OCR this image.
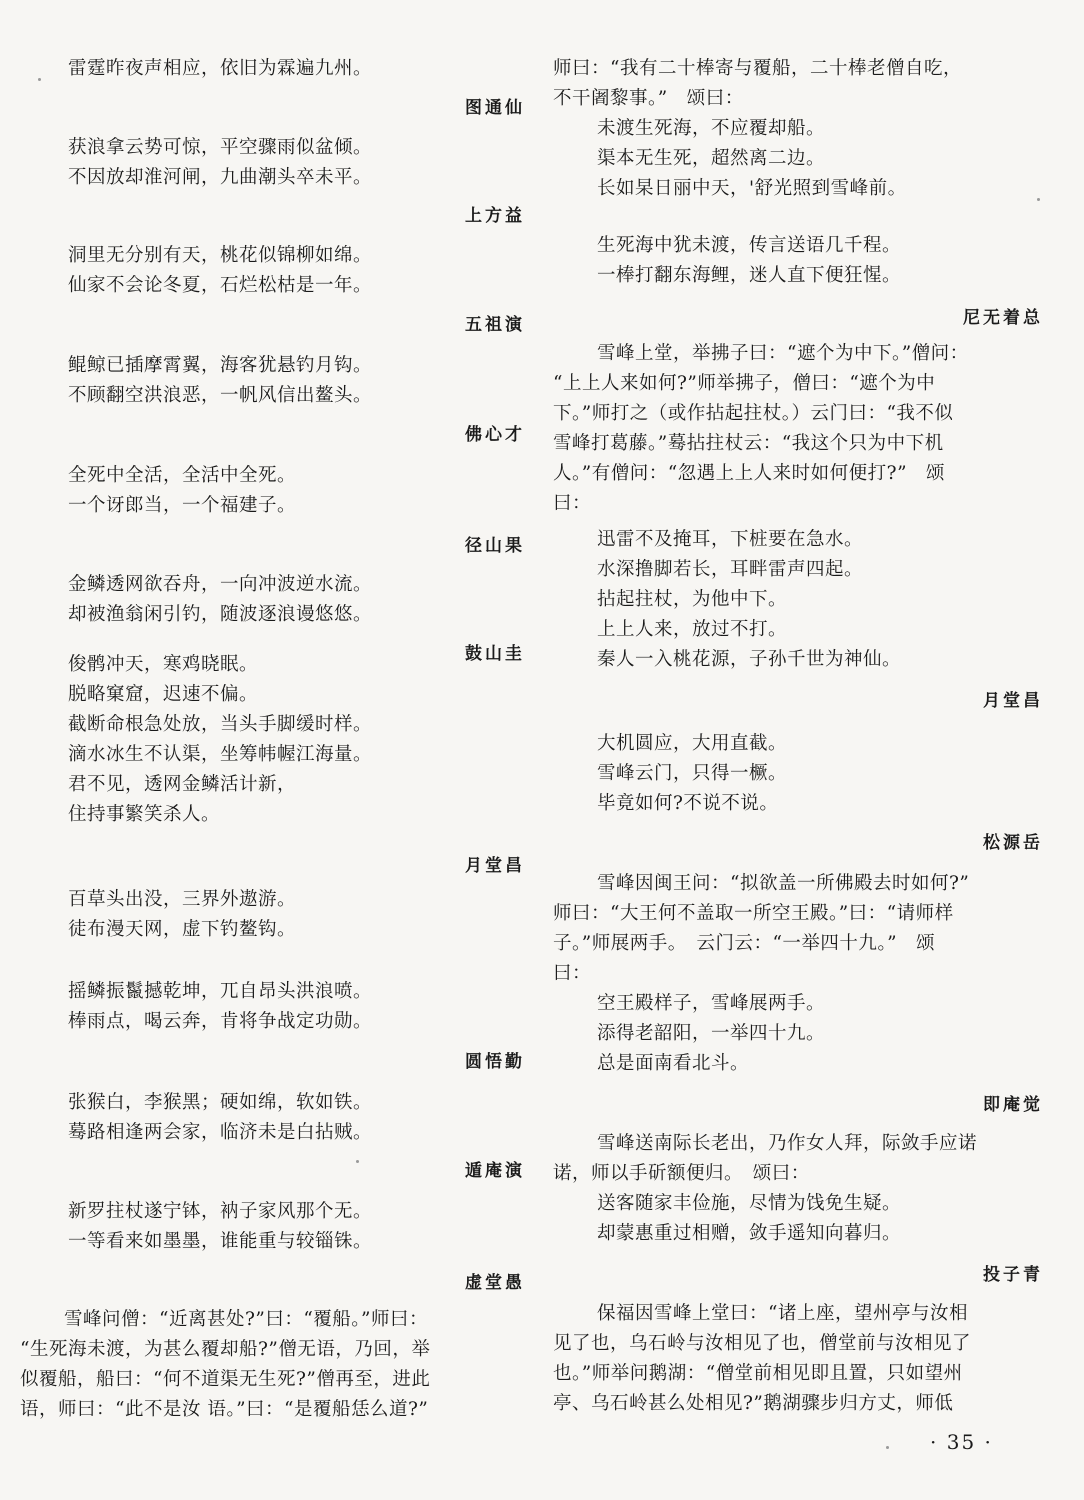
雷霆昨夜声相应，依旧为霖遍九州。
图通仙
获浪拿云势可惊，平空骤雨似盆倾。
不因放却淮河闸，九曲潮头卒未平。
上方益
洞里无分别有天，桃花似锦柳如绵。
仙家不会论冬夏，石烂松枯是一年。
五祖演
鲲鲸已插摩霄翼，海客犹悬钓月钩。
不顾翻空洪浪恶，一帆风信出鳌头。
佛心才
全死中全活，全活中全死。
一个讶郎当，一个福建子。
径山果
金鳞透网欲吞舟，一向冲波逆水流。
却被渔翁闲引钓，随波逐浪谩悠悠。
鼓山圭
俊鹘冲天，寒鸡晓眠。
脱略窠窟，迟速不偏。
截断命根急处放，当头手脚缓时样。
滴水冰生不认渠，坐筹帏幄江海量。
君不见，透网金鳞活计新，
住持事繁笑杀人。
月堂昌
百草头出没，三界外遨游。
徒布漫天网，虚下钓鳌钩。
摇鳞振鬣撼乾坤，兀自昂头洪浪喷。
棒雨点，喝云奔，肯将争战定功勋。
圆悟勤
张猴白，李猴黑；硬如绵，软如铁。
蓦路相逢两会家，临济未是白拈贼。
遁庵演
新罗拄杖遂宁钵，衲子家风那个无。
一等看来如墨墨，谁能重与较锱铢。
虚堂愚
雪峰问僧：“近离甚处?”曰：“覆船。”师曰：
“生死海未渡，为甚么覆却船?”僧无语，乃回，举
似覆船，船曰：“何不道渠无生死?”僧再至，进此
语，师曰：“此不是汝 语。”曰：“是覆船恁么道?”
师曰：“我有二十棒寄与覆船，二十棒老僧自吃，
不干阇黎事。”　颂曰：
未渡生死海，不应覆却船。
渠本无生死，超然离二边。
长如杲日丽中天，'舒光照到雪峰前。
生死海中犹未渡，传言送语几千程。
一棒打翻东海鲤，迷人直下便狂惺。
尼无着总
雪峰上堂，举拂子曰：“遮个为中下。”僧问：
“上上人来如何?”师举拂子，僧曰：“遮个为中
下。”师打之（或作拈起拄杖。）云门曰：“我不似
雪峰打葛藤。”蓦拈拄杖云：“我这个只为中下机
人。”有僧问：“忽遇上上人来时如何便打?”　颂
曰：
迅雷不及掩耳，下桩要在急水。
水深撸脚若长，耳畔雷声四起。
拈起拄杖，为他中下。
上上人来，放过不打。
秦人一入桃花源，子孙千世为神仙。
月堂昌
大机圆应，大用直截。
雪峰云门，只得一橛。
毕竟如何?不说不说。
松源岳
雪峰因闽王问：“拟欲盖一所佛殿去时如何?”
师曰：“大王何不盖取一所空王殿。”曰：“请师样
子。”师展两手。　云门云：“一举四十九。”　颂
曰：
空王殿样子，雪峰展两手。
添得老韶阳，一举四十九。
总是面南看北斗。
即庵觉
雪峰送南际长老出，乃作女人拜，际敛手应诺
诺，师以手斫额便归。　颂曰：
送客随家丰俭施，尽情为饯免生疑。
却蒙惠重过相赠，敛手遥知向暮归。
投子青
保福因雪峰上堂曰：“诸上座，望州亭与汝相
见了也，乌石岭与汝相见了也，僧堂前与汝相见了
也。”师举问鹅湖：“僧堂前相见即且置，只如望州
亭、乌石岭甚么处相见?”鹅湖骤步归方丈，师低
· 35 ·
